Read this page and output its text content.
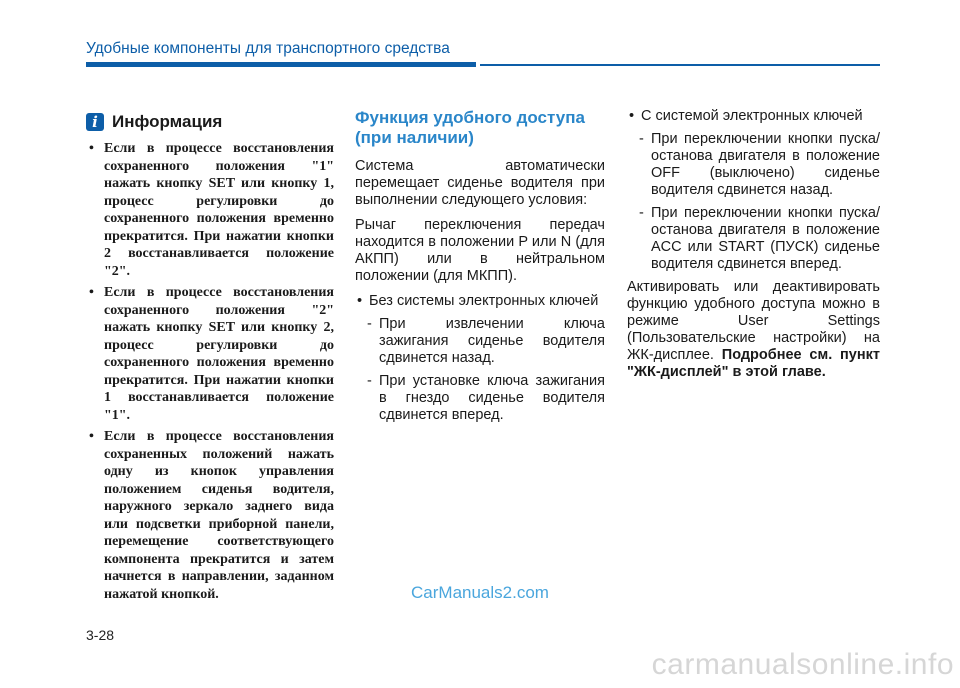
Удобные компоненты для транспортного средства
i Информация
• Если в процессе восстановления сохраненного положения "1" нажать кнопку SET или кнопку 1, процесс регулировки до сохраненного положения временно прекратится. При нажатии кнопки 2 восстанавливается положение "2".
• Если в процессе восстановления сохраненного положения "2" нажать кнопку SET или кнопку 2, процесс регулировки до сохраненного положения временно прекратится. При нажатии кнопки 1 восстанавливается положение "1".
• Если в процессе восстановления сохраненных положений нажать одну из кнопок управления положением сиденья водителя, наружного зеркало заднего вида или подсветки приборной панели, перемещение соответствующего компонента прекратится и затем начнется в направлении, заданном нажатой кнопкой.
Функция удобного доступа (при наличии)
Система автоматически перемещает сиденье водителя при выполнении следующего условия:
Рычаг переключения передач находится в положении P или N (для АКПП) или в нейтральном положении (для МКПП).
• Без системы электронных ключей
- При извлечении ключа зажигания сиденье водителя сдвинется назад.
- При установке ключа зажигания в гнездо сиденье водителя сдвинется вперед.
• С системой электронных ключей
- При переключении кнопки пуска/останова двигателя в положение OFF (выключено) сиденье водителя сдвинется назад.
- При переключении кнопки пуска/останова двигателя в положение ACC или START (ПУСК) сиденье водителя сдвинется вперед.
Активировать или деактивировать функцию удобного доступа можно в режиме User Settings (Пользовательские настройки) на ЖК-дисплее. Подробнее см. пункт "ЖК-дисплей" в этой главе.
CarManuals2.com
3-28
carmanualsonline.info
